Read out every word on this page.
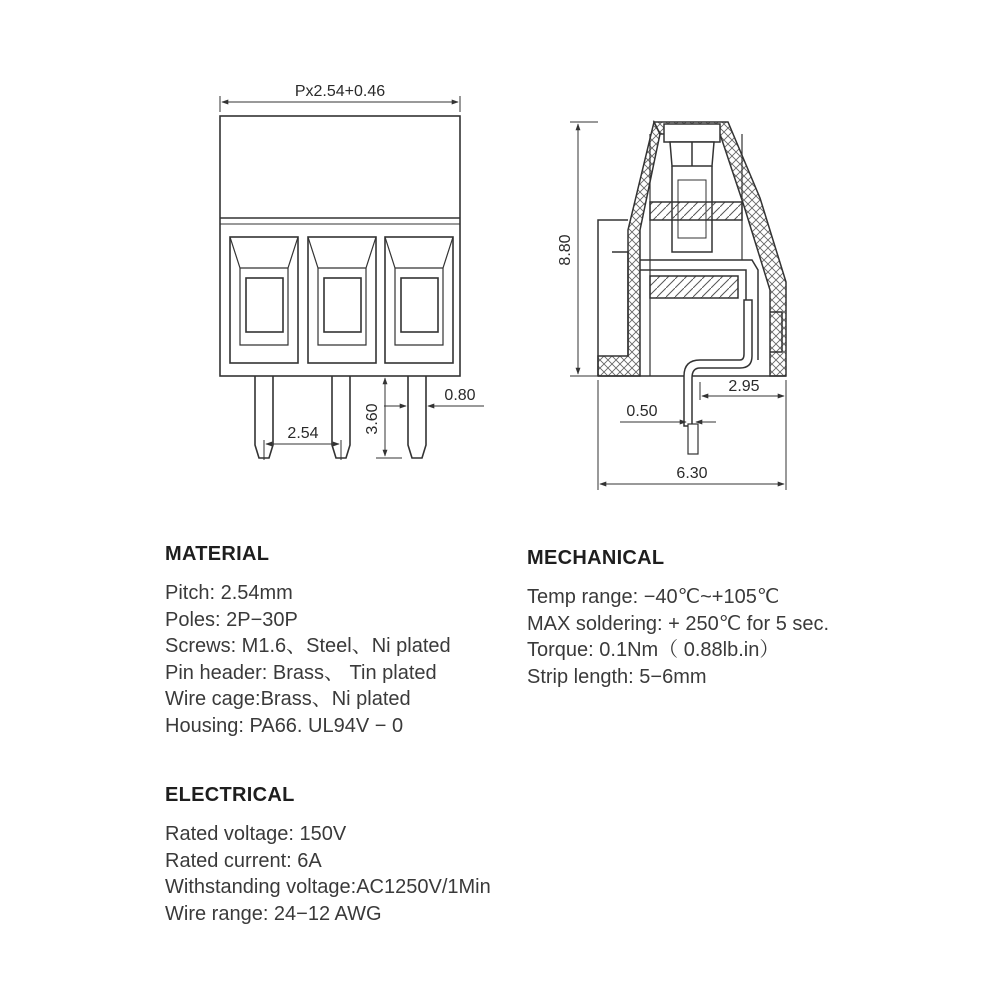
Px2.54+0.46
2.54	3.60
0.80
8.80
2.95
0.50
6.30
MATERIAL
Pitch: 2.54mm
Poles: 2P−30P
Screws: M1.6、Steel、Ni plated
Pin header: Brass、 Tin plated
Wire cage:Brass、Ni plated
Housing: PA66. UL94V − 0
MECHANICAL
Temp range: −40℃~+105℃
MAX soldering: + 250℃ for 5 sec.
Torque: 0.1Nm（ 0.88lb.in）
Strip length: 5−6mm
ELECTRICAL
Rated voltage: 150V
Rated current: 6A
Withstanding voltage:AC1250V/1Min
Wire range: 24−12 AWG
